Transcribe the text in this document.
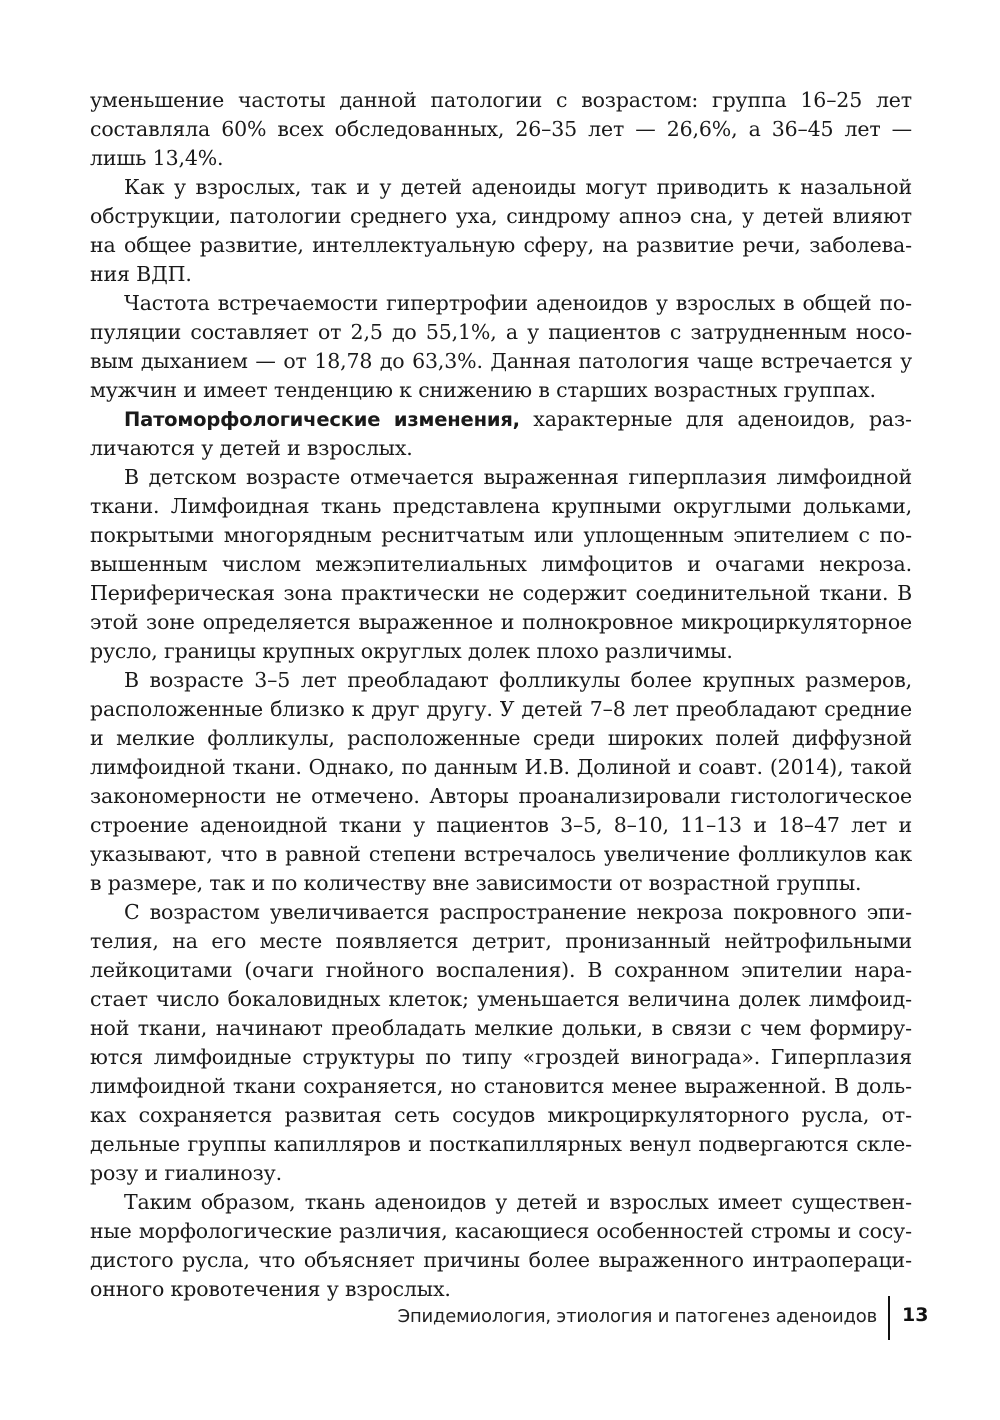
уменьшение частоты данной патологии с возрастом: группа 16–25 лет составляла 60% всех обследованных, 26–35 лет — 26,6%, а 36–45 лет — лишь 13,4%.

Как у взрослых, так и у детей аденоиды могут приводить к назальной обструкции, патологии среднего уха, синдрому апноэ сна, у детей влияют на общее развитие, интеллектуальную сферу, на развитие речи, заболевания ВДП.

Частота встречаемости гипертрофии аденоидов у взрослых в общей популяции составляет от 2,5 до 55,1%, а у пациентов с затрудненным носовым дыханием — от 18,78 до 63,3%. Данная патология чаще встречается у мужчин и имеет тенденцию к снижению в старших возрастных группах.

Патоморфологические изменения, характерные для аденоидов, различаются у детей и взрослых.

В детском возрасте отмечается выраженная гиперплазия лимфоидной ткани. Лимфоидная ткань представлена крупными округлыми дольками, покрытыми многорядным реснитчатым или уплощенным эпителием с повышенным числом межэпителиальных лимфоцитов и очагами некроза. Периферическая зона практически не содержит соединительной ткани. В этой зоне определяется выраженное и полнокровное микроциркуляторное русло, границы крупных округлых долек плохо различимы.

В возрасте 3–5 лет преобладают фолликулы более крупных размеров, расположенные близко к друг другу. У детей 7–8 лет преобладают средние и мелкие фолликулы, расположенные среди широких полей диффузной лимфоидной ткани. Однако, по данным И.В. Долиной и соавт. (2014), такой закономерности не отмечено. Авторы проанализировали гистологическое строение аденоидной ткани у пациентов 3–5, 8–10, 11–13 и 18–47 лет и указывают, что в равной степени встречалось увеличение фолликулов как в размере, так и по количеству вне зависимости от возрастной группы.

С возрастом увеличивается распространение некроза покровного эпителия, на его месте появляется детрит, пронизанный нейтрофильными лейкоцитами (очаги гнойного воспаления). В сохранном эпителии нарастает число бокаловидных клеток; уменьшается величина долек лимфоидной ткани, начинают преобладать мелкие дольки, в связи с чем формируются лимфоидные структуры по типу «гроздей винограда». Гиперплазия лимфоидной ткани сохраняется, но становится менее выраженной. В дольках сохраняется развитая сеть сосудов микроциркуляторного русла, отдельные группы капилляров и посткапиллярных венул подвергаются склерозу и гиалинозу.

Таким образом, ткань аденоидов у детей и взрослых имеет существенные морфологические различия, касающиеся особенностей стромы и сосудистого русла, что объясняет причины более выраженного интраоперационного кровотечения у взрослых.

Эпидемиология, этиология и патогенез аденоидов 13
